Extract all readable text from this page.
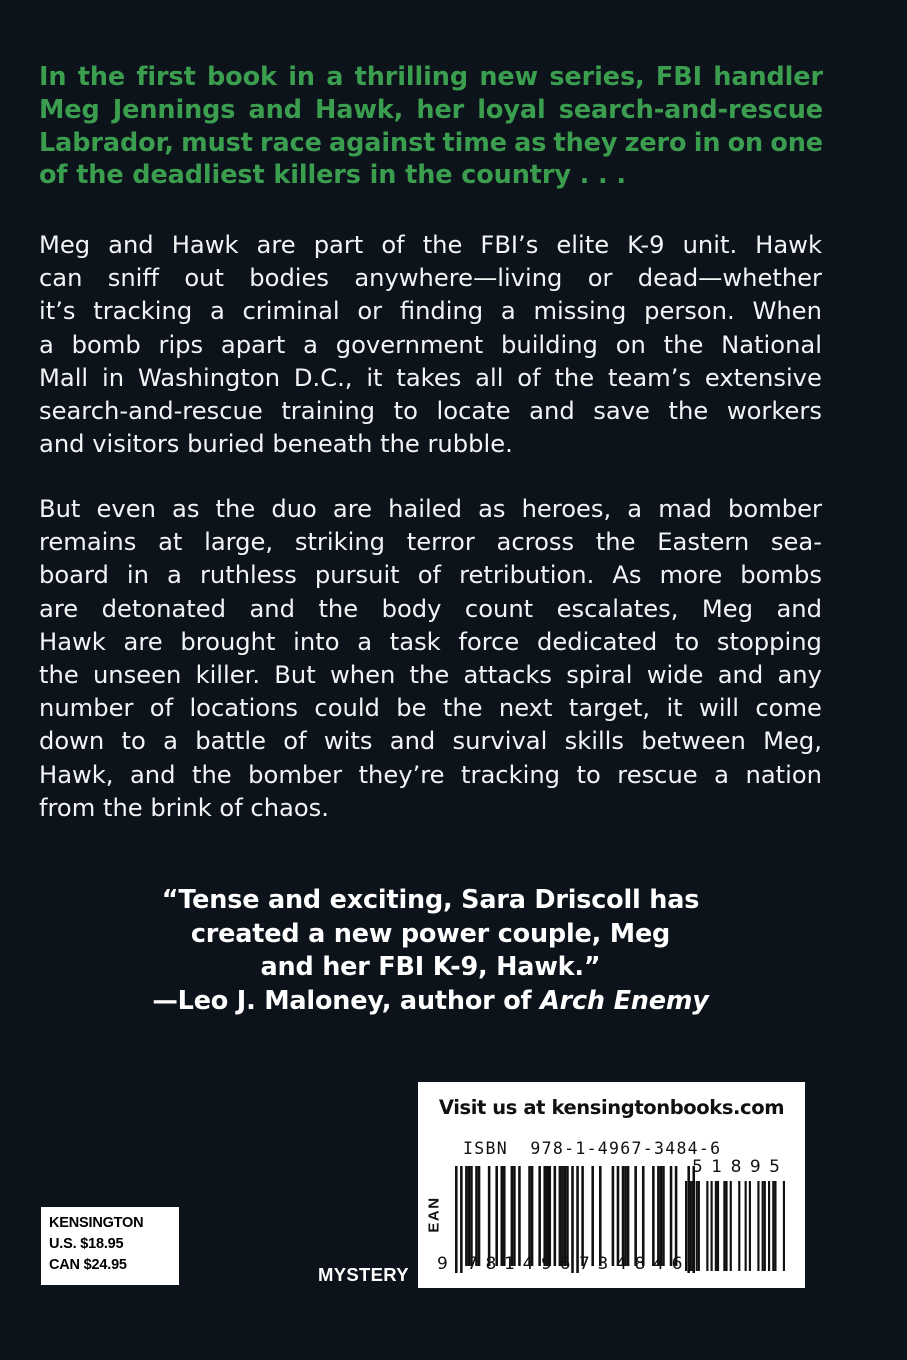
In the first book in a thrilling new series, FBI handler
Meg Jennings and Hawk, her loyal search-and-rescue
Labrador, must race against time as they zero in on one
of the deadliest killers in the country . . .
Meg and Hawk are part of the FBI’s elite K-9 unit. Hawk
can sniff out bodies anywhere—living or dead—whether
it’s tracking a criminal or finding a missing person. When
a bomb rips apart a government building on the National
Mall in Washington D.C., it takes all of the team’s extensive
search-and-rescue training to locate and save the workers
and visitors buried beneath the rubble.
But even as the duo are hailed as heroes, a mad bomber
remains at large, striking terror across the Eastern sea-
board in a ruthless pursuit of retribution. As more bombs
are detonated and the body count escalates, Meg and
Hawk are brought into a task force dedicated to stopping
the unseen killer. But when the attacks spiral wide and any
number of locations could be the next target, it will come
down to a battle of wits and survival skills between Meg,
Hawk, and the bomber they’re tracking to rescue a nation
from the brink of chaos.
“Tense and exciting, Sara Driscoll has
created a new power couple, Meg
and her FBI K-9, Hawk.”
—Leo J. Maloney, author of Arch Enemy
KENSINGTON
U.S. $18.95
CAN $24.95	MYSTERY
Visit us at kensingtonbooks.com
ISBN 978-1-4967-3484-6
EAN
9 7 8 1 4 9 6 7 3 4 8 4 6
5 1 8 9 5
